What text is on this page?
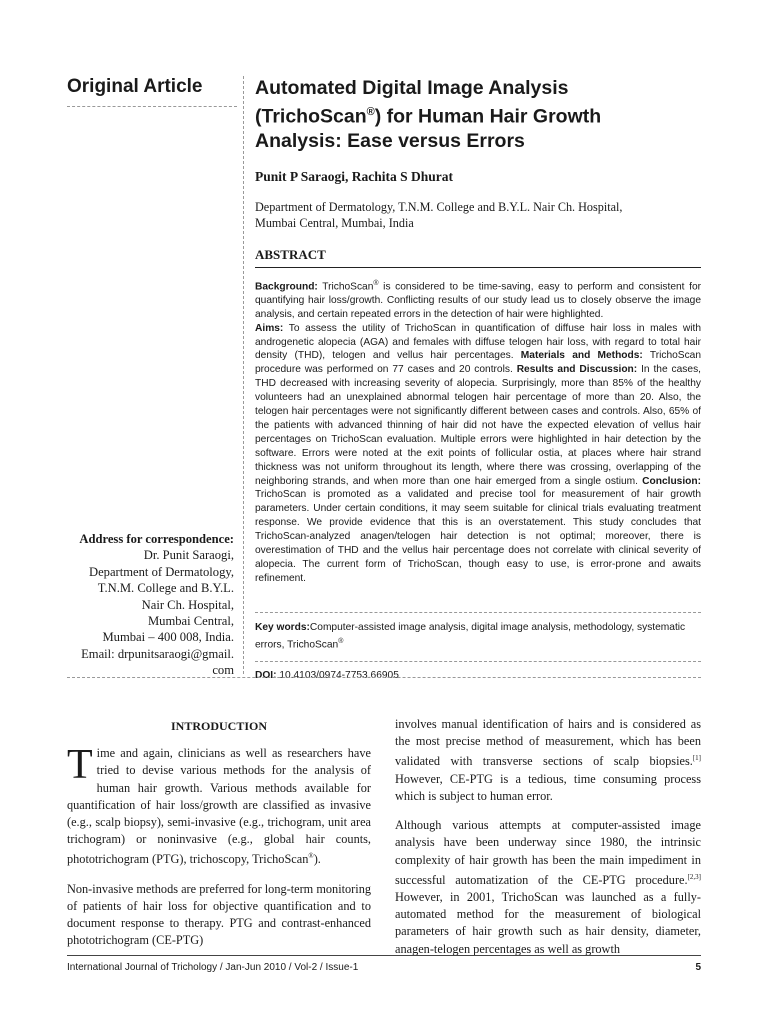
Original Article
Address for correspondence:
Dr. Punit Saraogi,
Department of Dermatology,
T.N.M. College and B.Y.L.
Nair Ch. Hospital,
Mumbai Central,
Mumbai – 400 008, India.
Email: drpunitsaraogi@gmail.
com
Automated Digital Image Analysis
(TrichoScan®) for Human Hair Growth
Analysis: Ease versus Errors
Punit P Saraogi, Rachita S Dhurat
Department of Dermatology, T.N.M. College and B.Y.L. Nair Ch. Hospital,
Mumbai Central, Mumbai, India
ABSTRACT
Background: TrichoScan® is considered to be time-saving, easy to perform and consistent for quantifying hair loss/growth. Conflicting results of our study lead us to closely observe the image analysis, and certain repeated errors in the detection of hair were highlighted.
Aims: To assess the utility of TrichoScan in quantification of diffuse hair loss in males with androgenetic alopecia (AGA) and females with diffuse telogen hair loss, with regard to total hair density (THD), telogen and vellus hair percentages. Materials and Methods: TrichoScan procedure was performed on 77 cases and 20 controls. Results and Discussion: In the cases, THD decreased with increasing severity of alopecia. Surprisingly, more than 85% of the healthy volunteers had an unexplained abnormal telogen hair percentage of more than 20. Also, the telogen hair percentages were not significantly different between cases and controls. Also, 65% of the patients with advanced thinning of hair did not have the expected elevation of vellus hair percentages on TrichoScan evaluation. Multiple errors were highlighted in hair detection by the software. Errors were noted at the exit points of follicular ostia, at places where hair strand thickness was not uniform throughout its length, where there was crossing, overlapping of the neighboring strands, and when more than one hair emerged from a single ostium. Conclusion: TrichoScan is promoted as a validated and precise tool for measurement of hair growth parameters. Under certain conditions, it may seem suitable for clinical trials evaluating treatment response. We provide evidence that this is an overstatement. This study concludes that TrichoScan-analyzed anagen/telogen hair detection is not optimal; moreover, there is overestimation of THD and the vellus hair percentage does not correlate with clinical severity of alopecia. The current form of TrichoScan, though easy to use, is error-prone and awaits refinement.
Key words:Computer-assisted image analysis, digital image analysis, methodology, systematic errors, TrichoScan®
DOI: 10.4103/0974-7753.66905
INTRODUCTION

Time and again, clinicians as well as researchers have tried to devise various methods for the analysis of human hair growth. Various methods available for quantification of hair loss/growth are classified as invasive (e.g., scalp biopsy), semi-invasive (e.g., trichogram, unit area trichogram) or noninvasive (e.g., global hair counts, phototrichogram (PTG), trichoscopy, TrichoScan®).

Non-invasive methods are preferred for long-term monitoring of patients of hair loss for objective quantification and to document response to therapy. PTG and contrast-enhanced phototrichogram (CE-PTG)

involves manual identification of hairs and is considered as the most precise method of measurement, which has been validated with transverse sections of scalp biopsies.[1] However, CE-PTG is a tedious, time consuming process which is subject to human error.

Although various attempts at computer-assisted image analysis have been underway since 1980, the intrinsic complexity of hair growth has been the main impediment in successful automatization of the CE-PTG procedure.[2,3] However, in 2001, TrichoScan was launched as a fully-automated method for the measurement of biological parameters of hair growth such as hair density, diameter, anagen-telogen percentages as well as growth

International Journal of Trichology / Jan-Jun 2010 / Vol-2 / Issue-1	5
